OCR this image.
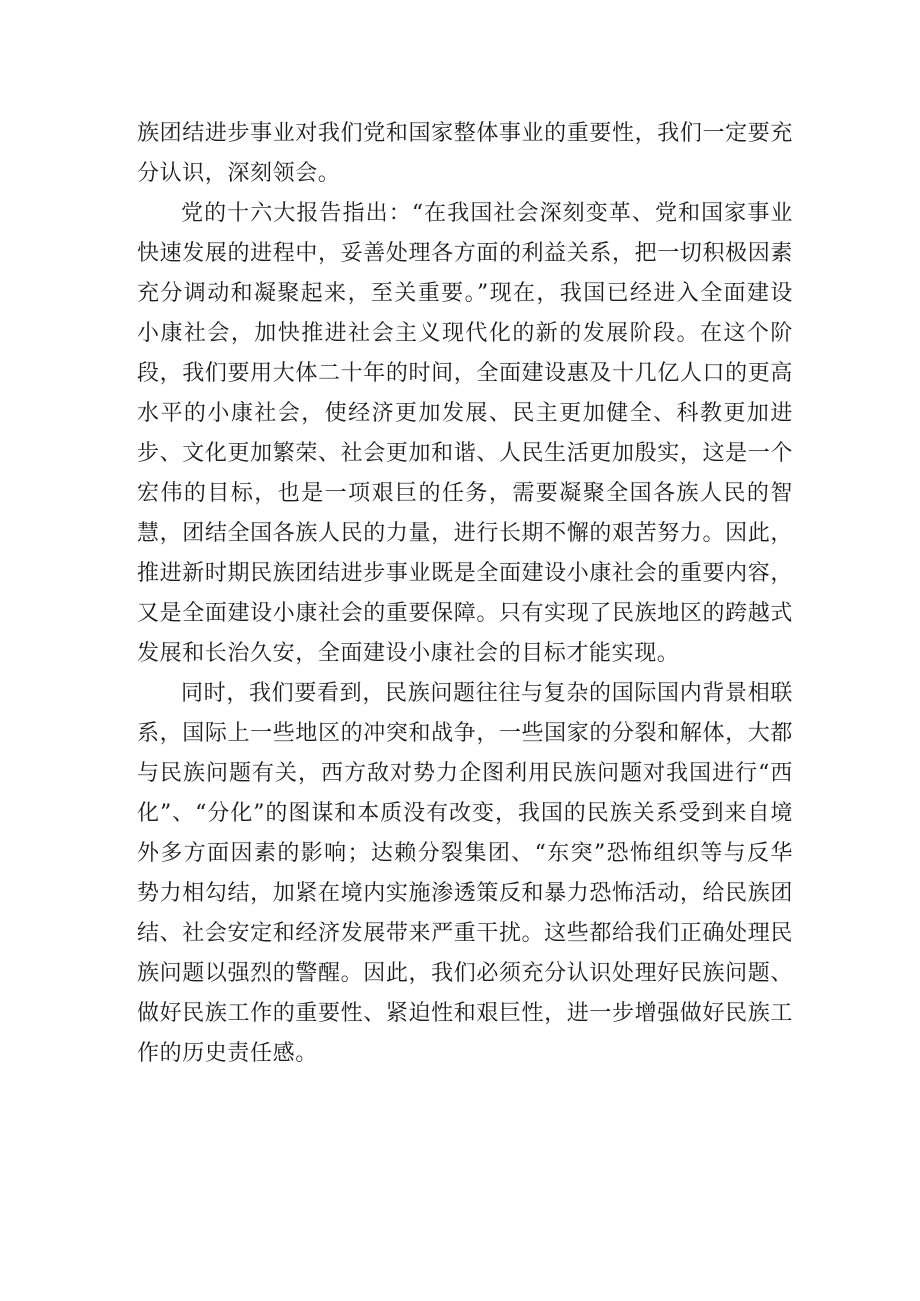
族团结进步事业对我们党和国家整体事业的重要性，我们一定要充分认识，深刻领会。

党的十六大报告指出：“在我国社会深刻变革、党和国家事业快速发展的进程中，妥善处理各方面的利益关系，把一切积极因素充分调动和凝聚起来，至关重要。”现在，我国已经进入全面建设小康社会，加快推进社会主义现代化的新的发展阶段。在这个阶段，我们要用大体二十年的时间，全面建设惠及十几亿人口的更高水平的小康社会，使经济更加发展、民主更加健全、科教更加进步、文化更加繁荣、社会更加和谐、人民生活更加殷实，这是一个宏伟的目标，也是一项艰巨的任务，需要凝聚全国各族人民的智慧，团结全国各族人民的力量，进行长期不懈的艰苦努力。因此，推进新时期民族团结进步事业既是全面建设小康社会的重要内容，又是全面建设小康社会的重要保障。只有实现了民族地区的跨越式发展和长治久安，全面建设小康社会的目标才能实现。

同时，我们要看到，民族问题往往与复杂的国际国内背景相联系，国际上一些地区的冲突和战争，一些国家的分裂和解体，大都与民族问题有关，西方敌对势力企图利用民族问题对我国进行“西化”、“分化”的图谋和本质没有改变，我国的民族关系受到来自境外多方面因素的影响；达赖分裂集团、“东突”恐怖组织等与反华势力相勾结，加紧在境内实施渗透策反和暴力恐怖活动，给民族团结、社会安定和经济发展带来严重干扰。这些都给我们正确处理民族问题以强烈的警醒。因此，我们必须充分认识处理好民族问题、做好民族工作的重要性、紧迫性和艰巨性，进一步增强做好民族工作的历史责任感。
